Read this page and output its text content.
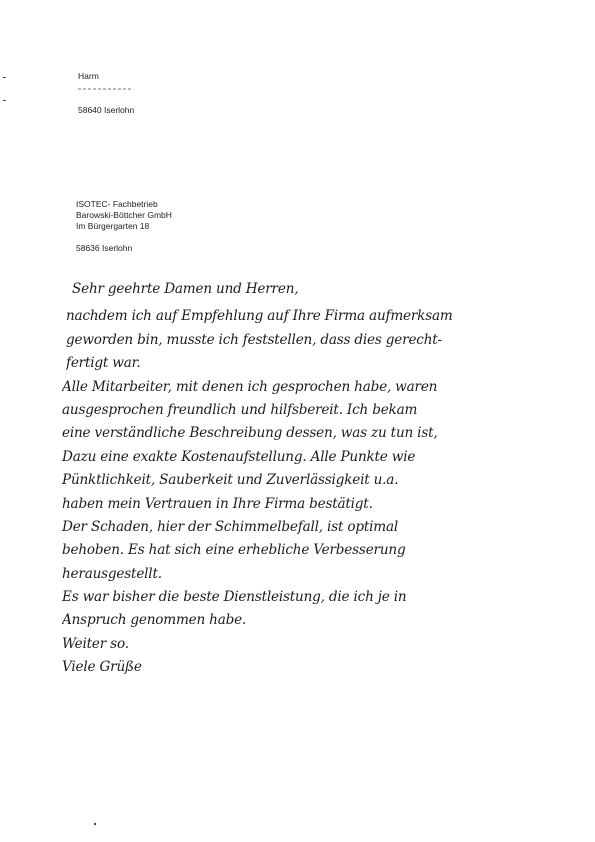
Harm
58640 Iserlohn
ISOTEC- Fachbetrieb
Barowski-Böttcher GmbH
Im Bürgergarten 18
58636 Iserlohn
Sehr geehrte Damen und Herren,
nachdem ich auf Empfehlung auf Ihre Firma aufmerksam
geworden bin, musste ich feststellen, dass dies gerecht-
fertigt war.
Alle Mitarbeiter, mit denen ich gesprochen habe, waren
ausgesprochen freundlich und hilfsbereit. Ich bekam
eine verständliche Beschreibung dessen, was zu tun ist,
Dazu eine exakte Kostenaufstellung. Alle Punkte wie
Pünktlichkeit, Sauberkeit und Zuverlässigkeit u.a.
haben mein Vertrauen in Ihre Firma bestätigt.
Der Schaden, hier der Schimmelbefall, ist optimal
behoben. Es hat sich eine erhebliche Verbesserung
herausgestellt.
Es war bisher die beste Dienstleistung, die ich je in
Anspruch genommen habe.
Weiter so.
Viele Grüße
